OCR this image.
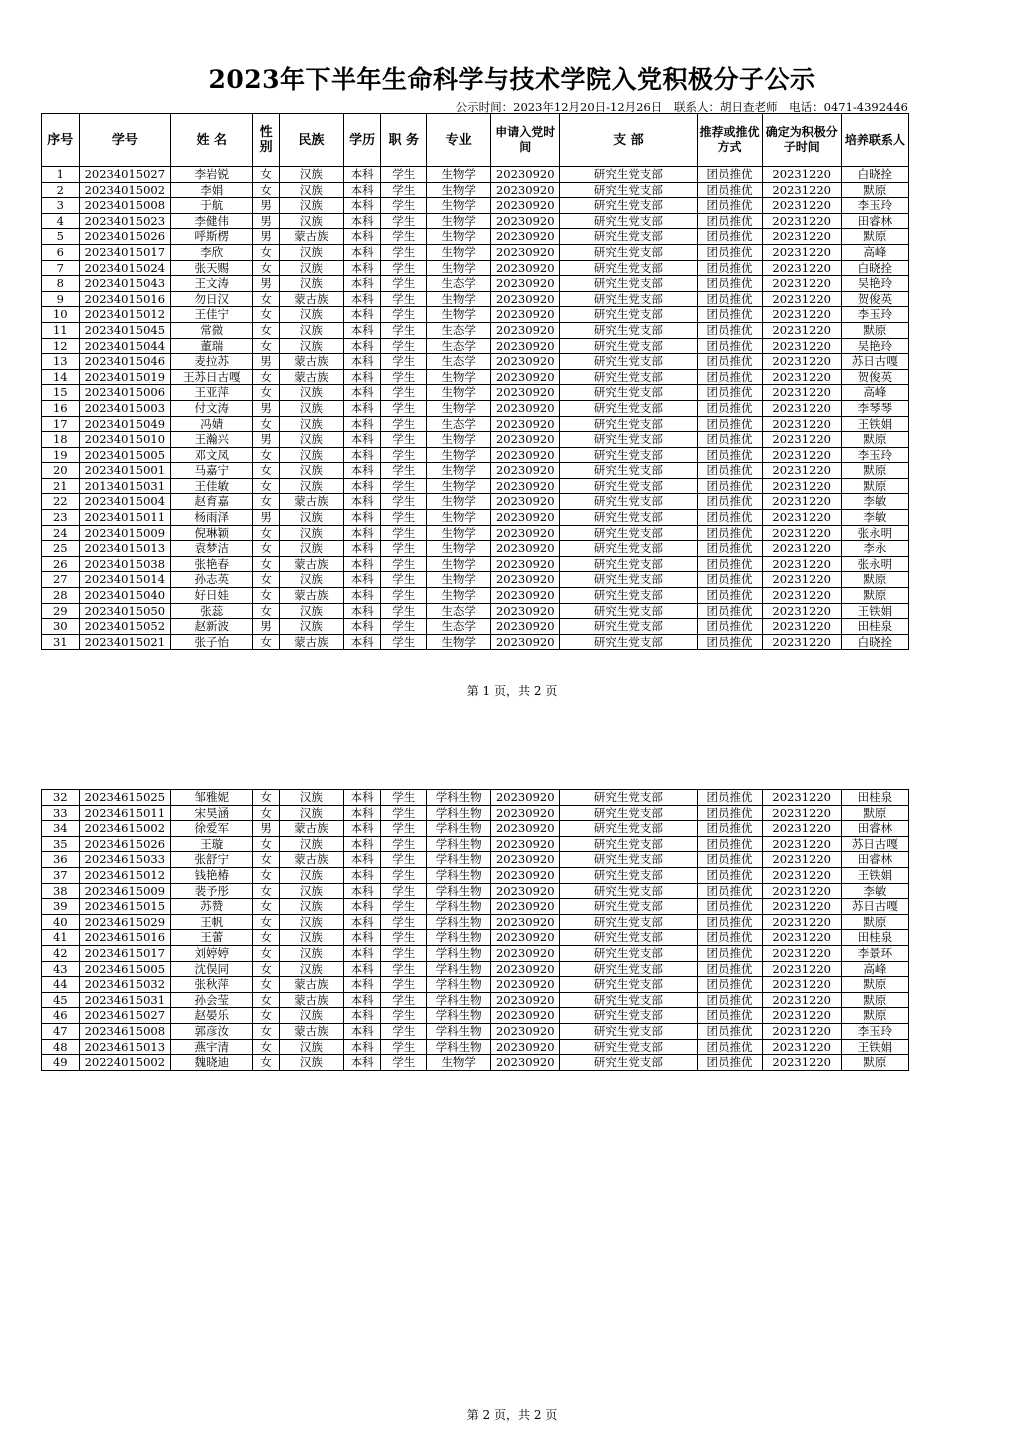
2023年下半年生命科学与技术学院入党积极分子公示
公示时间：2023年12月20日-12月26日 联系人：胡日查老师 电话：0471-4392446
序号	学号	姓 名	性别	民族	学历	职 务	专业	申请入党时间	支 部	推荐或推优方式	确定为积极分子时间	培养联系人
1	20234015027	李岩锐	女	汉族	本科	学生	生物学	20230920	研究生党支部	团员推优	20231220	白晓拴
2	20234015002	李娟	女	汉族	本科	学生	生物学	20230920	研究生党支部	团员推优	20231220	默原
3	20234015008	于航	男	汉族	本科	学生	生物学	20230920	研究生党支部	团员推优	20231220	李玉玲
4	20234015023	李健伟	男	汉族	本科	学生	生物学	20230920	研究生党支部	团员推优	20231220	田睿林
5	20234015026	呼斯楞	男	蒙古族	本科	学生	生物学	20230920	研究生党支部	团员推优	20231220	默原
6	20234015017	李欣	女	汉族	本科	学生	生物学	20230920	研究生党支部	团员推优	20231220	高峰
7	20234015024	张天赐	女	汉族	本科	学生	生物学	20230920	研究生党支部	团员推优	20231220	白晓拴
8	20234015043	王文涛	男	汉族	本科	学生	生态学	20230920	研究生党支部	团员推优	20231220	吴艳玲
9	20234015016	勿日汉	女	蒙古族	本科	学生	生物学	20230920	研究生党支部	团员推优	20231220	贺俊英
10	20234015012	王佳宁	女	汉族	本科	学生	生物学	20230920	研究生党支部	团员推优	20231220	李玉玲
11	20234015045	常微	女	汉族	本科	学生	生态学	20230920	研究生党支部	团员推优	20231220	默原
12	20234015044	董瑞	女	汉族	本科	学生	生态学	20230920	研究生党支部	团员推优	20231220	吴艳玲
13	20234015046	麦拉苏	男	蒙古族	本科	学生	生态学	20230920	研究生党支部	团员推优	20231220	苏日古嘎
14	20234015019	王苏日古嘎	女	蒙古族	本科	学生	生物学	20230920	研究生党支部	团员推优	20231220	贺俊英
15	20234015006	王亚萍	女	汉族	本科	学生	生物学	20230920	研究生党支部	团员推优	20231220	高峰
16	20234015003	付文涛	男	汉族	本科	学生	生物学	20230920	研究生党支部	团员推优	20231220	李琴琴
17	20234015049	冯婧	女	汉族	本科	学生	生态学	20230920	研究生党支部	团员推优	20231220	王铁娟
18	20234015010	王瀚兴	男	汉族	本科	学生	生物学	20230920	研究生党支部	团员推优	20231220	默原
19	20234015005	邓文凤	女	汉族	本科	学生	生物学	20230920	研究生党支部	团员推优	20231220	李玉玲
20	20234015001	马嘉宁	女	汉族	本科	学生	生物学	20230920	研究生党支部	团员推优	20231220	默原
21	20134015031	王佳敏	女	汉族	本科	学生	生物学	20230920	研究生党支部	团员推优	20231220	默原
22	20234015004	赵育嘉	女	蒙古族	本科	学生	生物学	20230920	研究生党支部	团员推优	20231220	李敏
23	20234015011	杨雨泽	男	汉族	本科	学生	生物学	20230920	研究生党支部	团员推优	20231220	李敏
24	20234015009	倪琳颖	女	汉族	本科	学生	生物学	20230920	研究生党支部	团员推优	20231220	张永明
25	20234015013	袁梦洁	女	汉族	本科	学生	生物学	20230920	研究生党支部	团员推优	20231220	李永
26	20234015038	张艳春	女	蒙古族	本科	学生	生物学	20230920	研究生党支部	团员推优	20231220	张永明
27	20234015014	孙志英	女	汉族	本科	学生	生物学	20230920	研究生党支部	团员推优	20231220	默原
28	20234015040	好日娃	女	蒙古族	本科	学生	生物学	20230920	研究生党支部	团员推优	20231220	默原
29	20234015050	张蕊	女	汉族	本科	学生	生态学	20230920	研究生党支部	团员推优	20231220	王铁娟
30	20234015052	赵新波	男	汉族	本科	学生	生态学	20230920	研究生党支部	团员推优	20231220	田桂泉
31	20234015021	张子怡	女	蒙古族	本科	学生	生物学	20230920	研究生党支部	团员推优	20231220	白晓拴
第 1 页，共 2 页
32	20234615025	邹雅妮	女	汉族	本科	学生	学科生物	20230920	研究生党支部	团员推优	20231220	田桂泉
33	20234615011	宋昊涵	女	汉族	本科	学生	学科生物	20230920	研究生党支部	团员推优	20231220	默原
34	20234615002	徐爱军	男	蒙古族	本科	学生	学科生物	20230920	研究生党支部	团员推优	20231220	田睿林
35	20234615026	王璇	女	汉族	本科	学生	学科生物	20230920	研究生党支部	团员推优	20231220	苏日古嘎
36	20234615033	张舒宁	女	蒙古族	本科	学生	学科生物	20230920	研究生党支部	团员推优	20231220	田睿林
37	20234615012	钱艳椿	女	汉族	本科	学生	学科生物	20230920	研究生党支部	团员推优	20231220	王铁娟
38	20234615009	裴予彤	女	汉族	本科	学生	学科生物	20230920	研究生党支部	团员推优	20231220	李敏
39	20234615015	苏赞	女	汉族	本科	学生	学科生物	20230920	研究生党支部	团员推优	20231220	苏日古嘎
40	20234615029	王帆	女	汉族	本科	学生	学科生物	20230920	研究生党支部	团员推优	20231220	默原
41	20234615016	王蕾	女	汉族	本科	学生	学科生物	20230920	研究生党支部	团员推优	20231220	田桂泉
42	20234615017	刘婷婷	女	汉族	本科	学生	学科生物	20230920	研究生党支部	团员推优	20231220	李景环
43	20234615005	沈俣同	女	汉族	本科	学生	学科生物	20230920	研究生党支部	团员推优	20231220	高峰
44	20234615032	张秋萍	女	蒙古族	本科	学生	学科生物	20230920	研究生党支部	团员推优	20231220	默原
45	20234615031	孙会莹	女	蒙古族	本科	学生	学科生物	20230920	研究生党支部	团员推优	20231220	默原
46	20234615027	赵晏乐	女	汉族	本科	学生	学科生物	20230920	研究生党支部	团员推优	20231220	默原
47	20234615008	郭彦汝	女	蒙古族	本科	学生	学科生物	20230920	研究生党支部	团员推优	20231220	李玉玲
48	20234615013	燕宇清	女	汉族	本科	学生	学科生物	20230920	研究生党支部	团员推优	20231220	王铁娟
49	20224015002	魏晓迪	女	汉族	本科	学生	生物学	20230920	研究生党支部	团员推优	20231220	默原
第 2 页，共 2 页
